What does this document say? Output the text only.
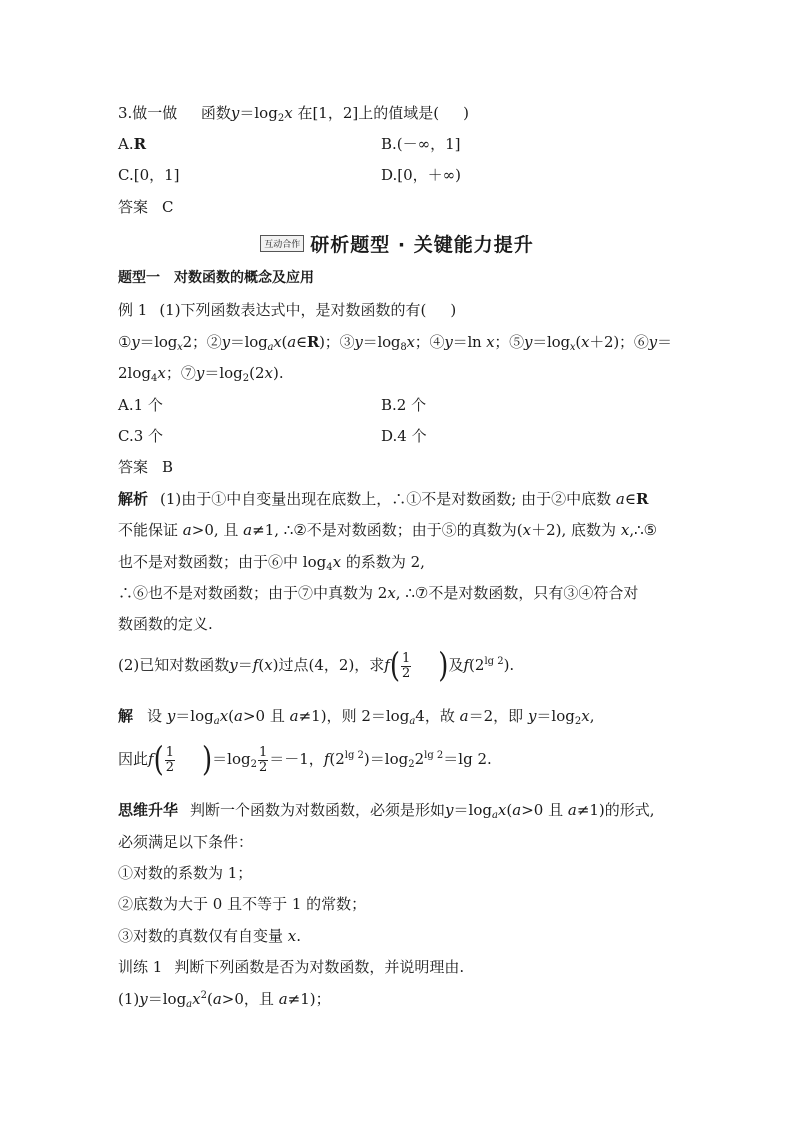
3.做一做 函数$y=\log_2x$ 在[1，2]上的值域是( )
A.R	B.(－∞，1]
C.[0，1]	D.[0，＋∞)
答案 C
互动合作 研析题型 · 关键能力提升
题型一　对数函数的概念及应用
例 1 (1)下列函数表达式中，是对数函数的有( )
$①y=\log_x2$；$②y=\log_ax(a\in R)$；$③y=\log_8x$；④y＝ln x；$⑤y=\log_x(x+2)$；⑥y＝
$2\log_4x$；$⑦y=\log_2(2x)$.
A.1 个	B.2 个
C.3 个	D.4 个
答案 B
解析 (1)由于①中自变量出现在底数上，∴①不是对数函数; 由于②中底数 a∈R
不能保证 a>0, 且 a≠1, ∴②不是对数函数；由于⑤的真数为(x＋2), 底数为 x,∴⑤
也不是对数函数；由于⑥中 $\log_4x$ 的系数为 2,
∴⑥也不是对数函数；由于⑦中真数为 2x, ∴⑦不是对数函数，只有③④符合对
数函数的定义.
(2)已知对数函数y＝f(x)过点(4，2)，求$f( \frac{1}{2}$ )及$f(2^{lg 2})$.
解 设 $y=\log_ax(a>0$ 且 a≠1)，则 $2=\log_a4$，故 a＝2，即 $y=\log_2x$,
因此$f( \frac{1}{2} )=\log_2 \frac{1}{2} =-1$，$f(2^{lg 2})=\log_22^{lg 2}=\lg$ 2.
思维升华 判断一个函数为对数函数，必须是形如$y=\log_ax(a>0$ 且 a≠1)的形式,
必须满足以下条件：
①对数的系数为 1；
②底数为大于 0 且不等于 1 的常数；
③对数的真数仅有自变量 x.
训练 1 判断下列函数是否为对数函数，并说明理由.
$(1)y=\log_ax^2(a>0$，且 a≠1)；
